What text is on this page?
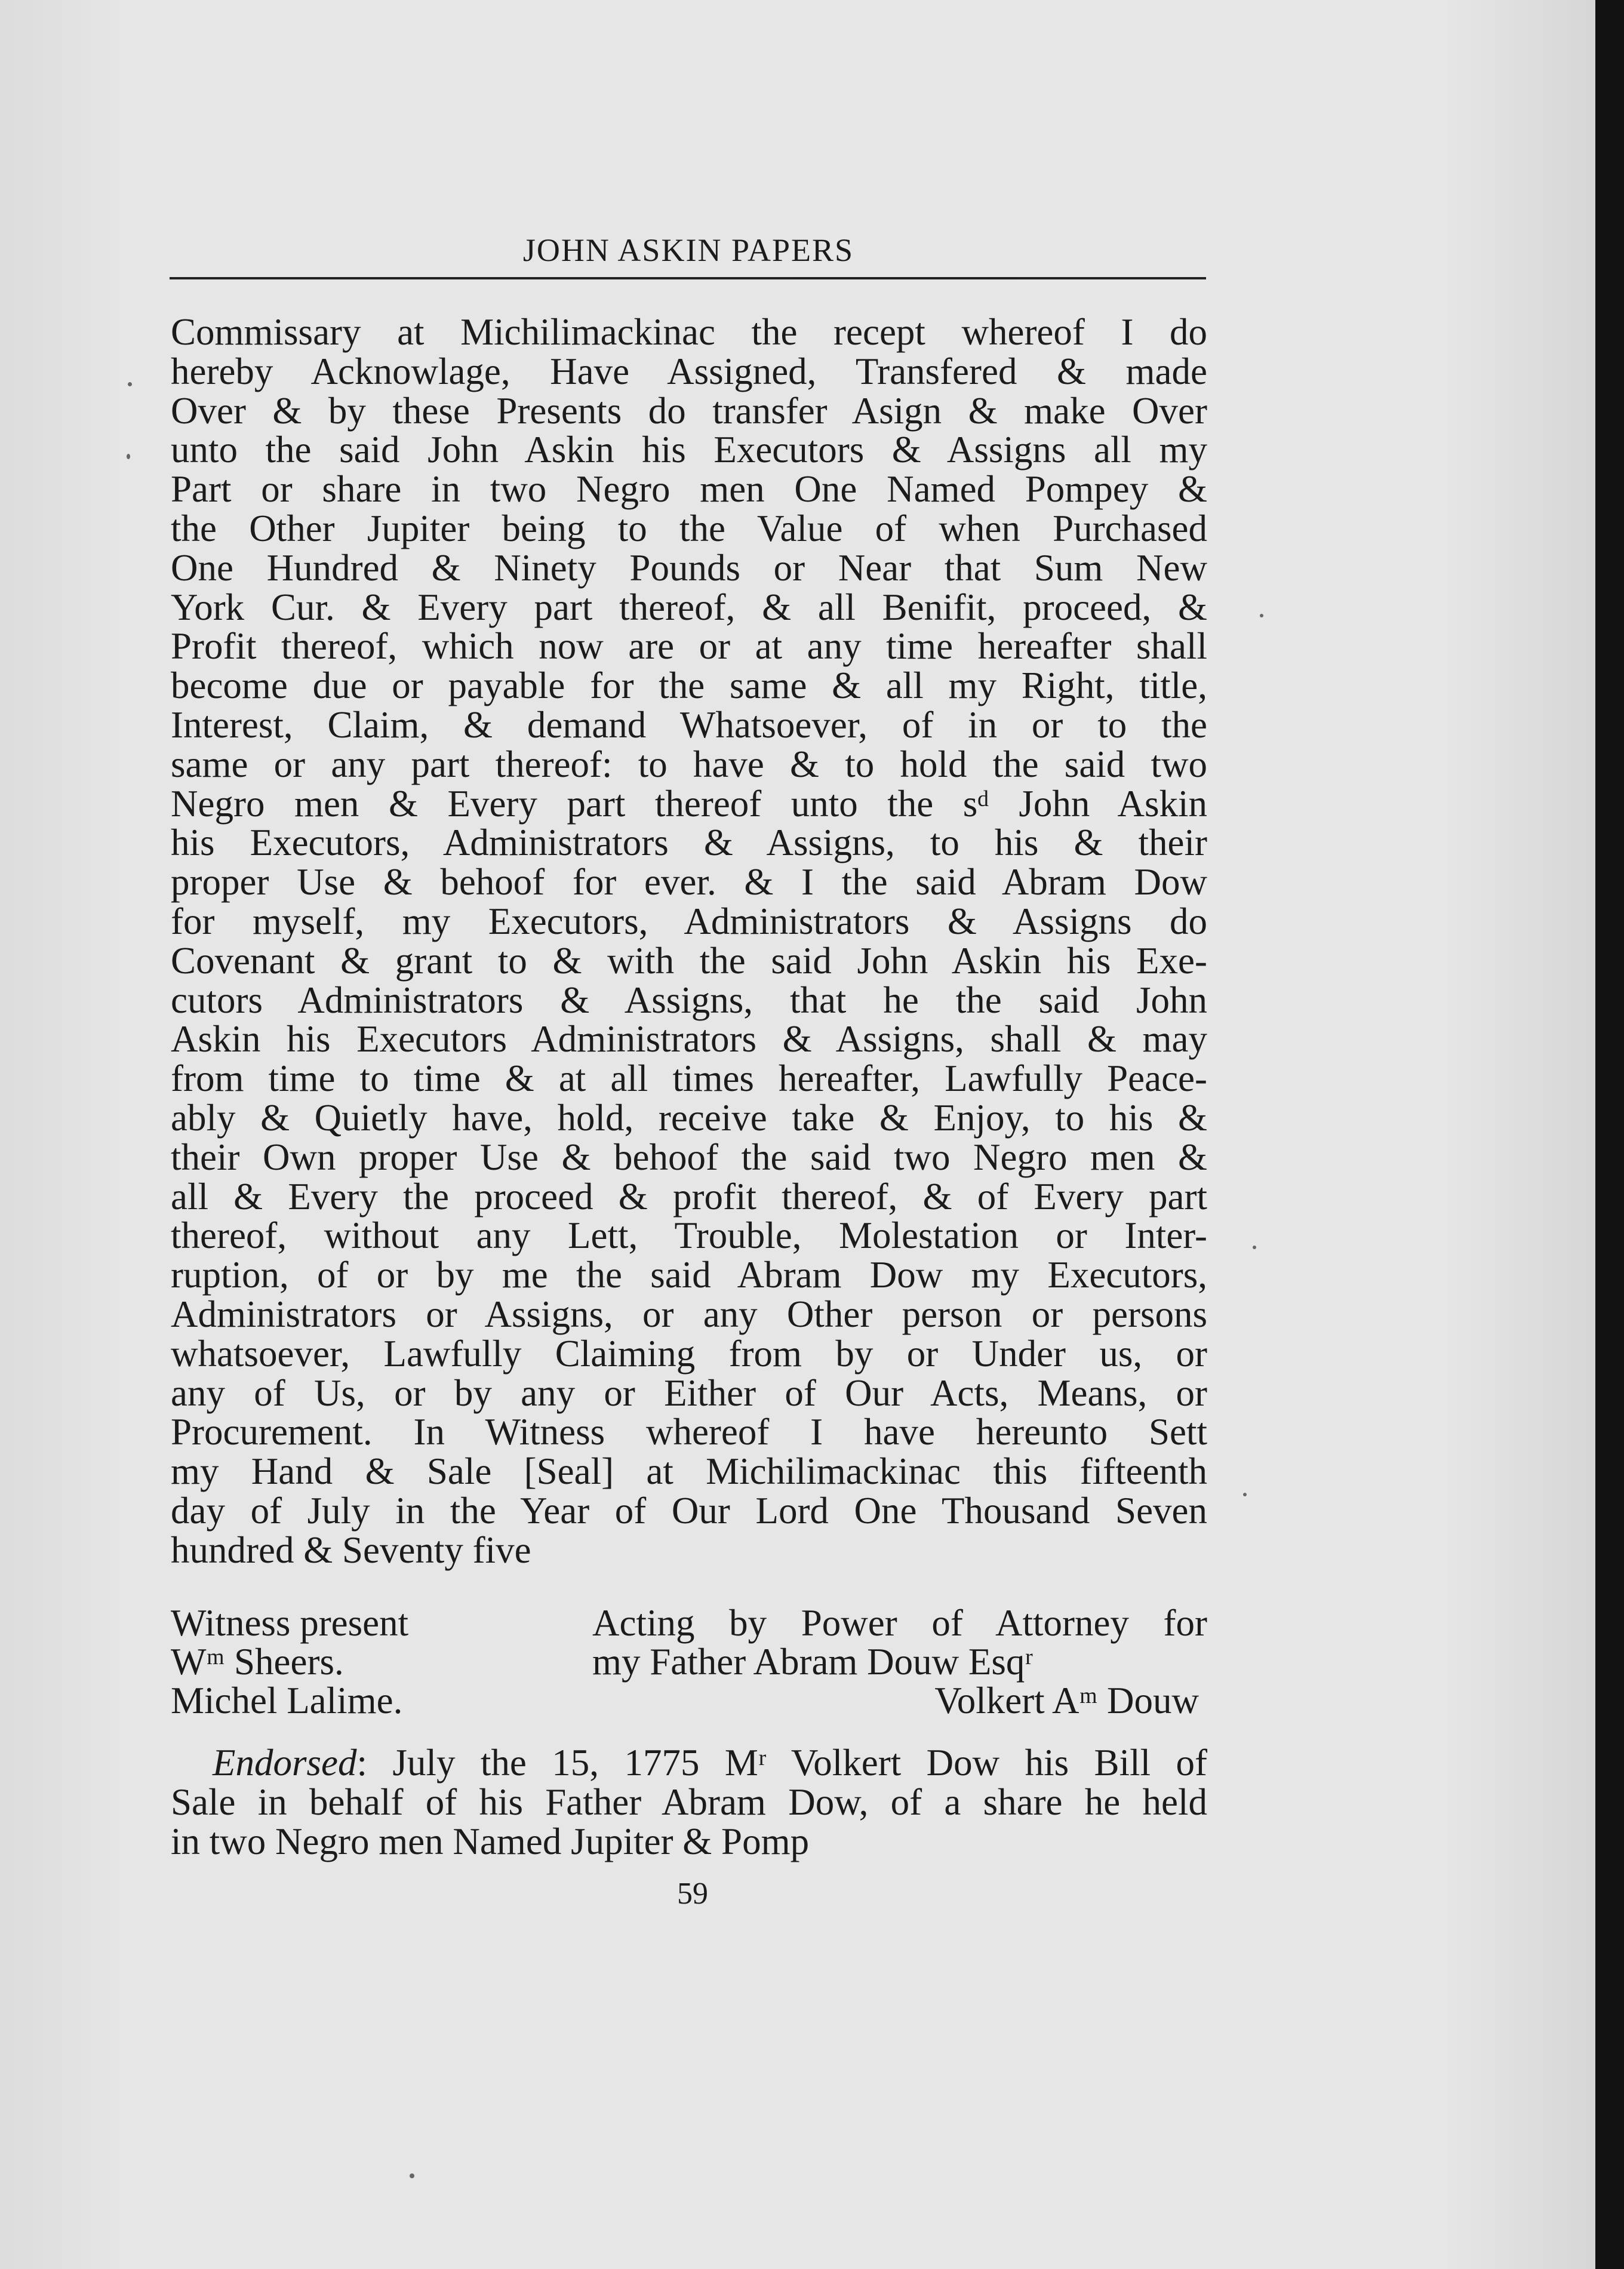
JOHN ASKIN PAPERS
Commissary at Michilimackinac the recept whereof I do
hereby Acknowlage, Have Assigned, Transfered & made
Over & by these Presents do transfer Asign & make Over
unto the said John Askin his Executors & Assigns all my
Part or share in two Negro men One Named Pompey &
the Other Jupiter being to the Value of when Purchased
One Hundred & Ninety Pounds or Near that Sum New
York Cur. & Every part thereof, & all Benifit, proceed, &
Profit thereof, which now are or at any time hereafter shall
become due or payable for the same & all my Right, title,
Interest, Claim, & demand Whatsoever, of in or to the
same or any part thereof: to have & to hold the said two
Negro men & Every part thereof unto the sᵈ John Askin
his Executors, Administrators & Assigns, to his & their
proper Use & behoof for ever. & I the said Abram Dow
for myself, my Executors, Administrators & Assigns do
Covenant & grant to & with the said John Askin his Exe-
cutors Administrators & Assigns, that he the said John
Askin his Executors Administrators & Assigns, shall & may
from time to time & at all times hereafter, Lawfully Peace-
ably & Quietly have, hold, receive take & Enjoy, to his &
their Own proper Use & behoof the said two Negro men &
all & Every the proceed & profit thereof, & of Every part
thereof, without any Lett, Trouble, Molestation or Inter-
ruption, of or by me the said Abram Dow my Executors,
Administrators or Assigns, or any Other person or persons
whatsoever, Lawfully Claiming from by or Under us, or
any of Us, or by any or Either of Our Acts, Means, or
Procurement. In Witness whereof I have hereunto Sett
my Hand & Sale [Seal] at Michilimackinac this fifteenth
day of July in the Year of Our Lord One Thousand Seven
hundred & Seventy five
Witness present	Acting by Power of Attorney for
Wᵐ Sheers.	my Father Abram Douw Esqʳ
Michel Lalime.	Volkert Aᵐ Douw
Endorsed: July the 15, 1775 Mʳ Volkert Dow his Bill of
Sale in behalf of his Father Abram Dow, of a share he held
in two Negro men Named Jupiter & Pomp
59
